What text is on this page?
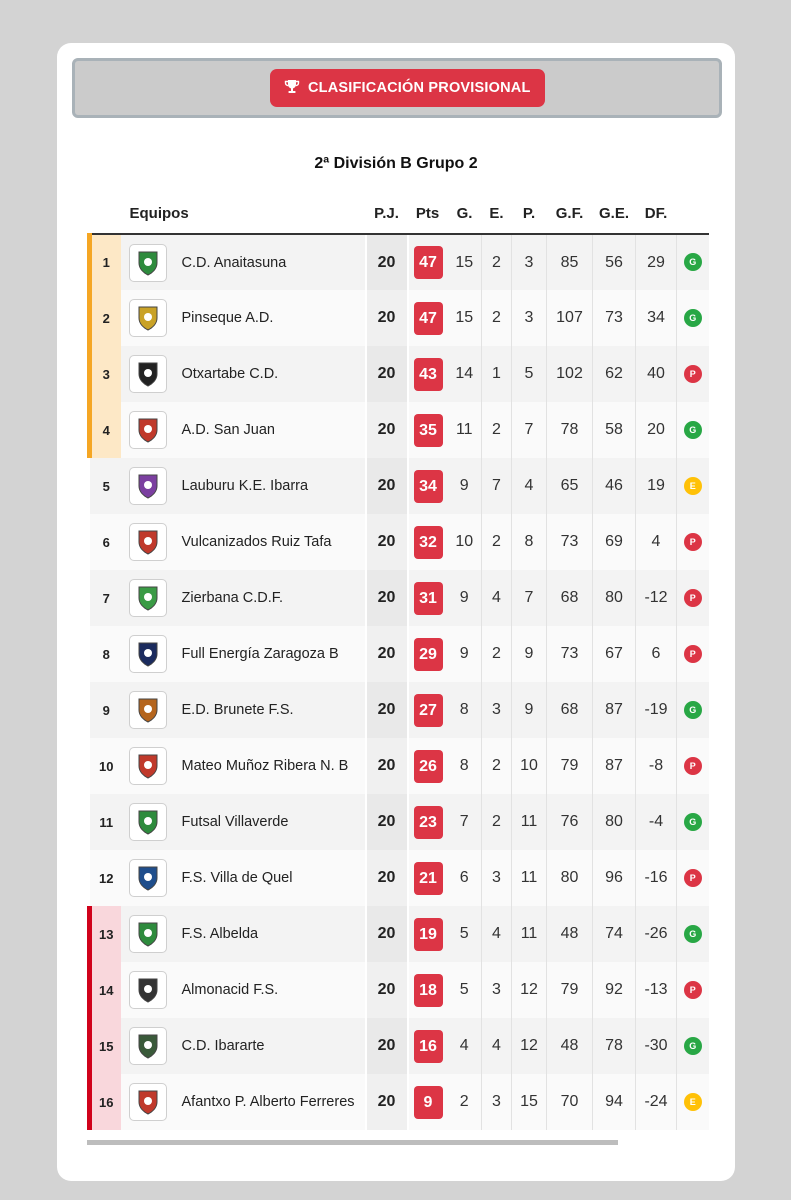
CLASIFICACIÓN PROVISIONAL
2ª División B Grupo 2
	Equipos	P.J.	Pts	G.	E.	P.	G.F.	G.E.	DF.	
1	C.D. Anaitasuna	20	47	15	2	3	85	56	29	G
2	Pinseque A.D.	20	47	15	2	3	107	73	34	G
3	Otxartabe C.D.	20	43	14	1	5	102	62	40	P
4	A.D. San Juan	20	35	11	2	7	78	58	20	G
5	Lauburu K.E. Ibarra	20	34	9	7	4	65	46	19	E
6	Vulcanizados Ruiz Tafa	20	32	10	2	8	73	69	4	P
7	Zierbana C.D.F.	20	31	9	4	7	68	80	-12	P
8	Full Energía Zaragoza B	20	29	9	2	9	73	67	6	P
9	E.D. Brunete F.S.	20	27	8	3	9	68	87	-19	G
10	Mateo Muñoz Ribera N. B	20	26	8	2	10	79	87	-8	P
11	Futsal Villaverde	20	23	7	2	11	76	80	-4	G
12	F.S. Villa de Quel	20	21	6	3	11	80	96	-16	P
13	F.S. Albelda	20	19	5	4	11	48	74	-26	G
14	Almonacid F.S.	20	18	5	3	12	79	92	-13	P
15	C.D. Ibararte	20	16	4	4	12	48	78	-30	G
16	Afantxo P. Alberto Ferreres	20	9	2	3	15	70	94	-24	E
